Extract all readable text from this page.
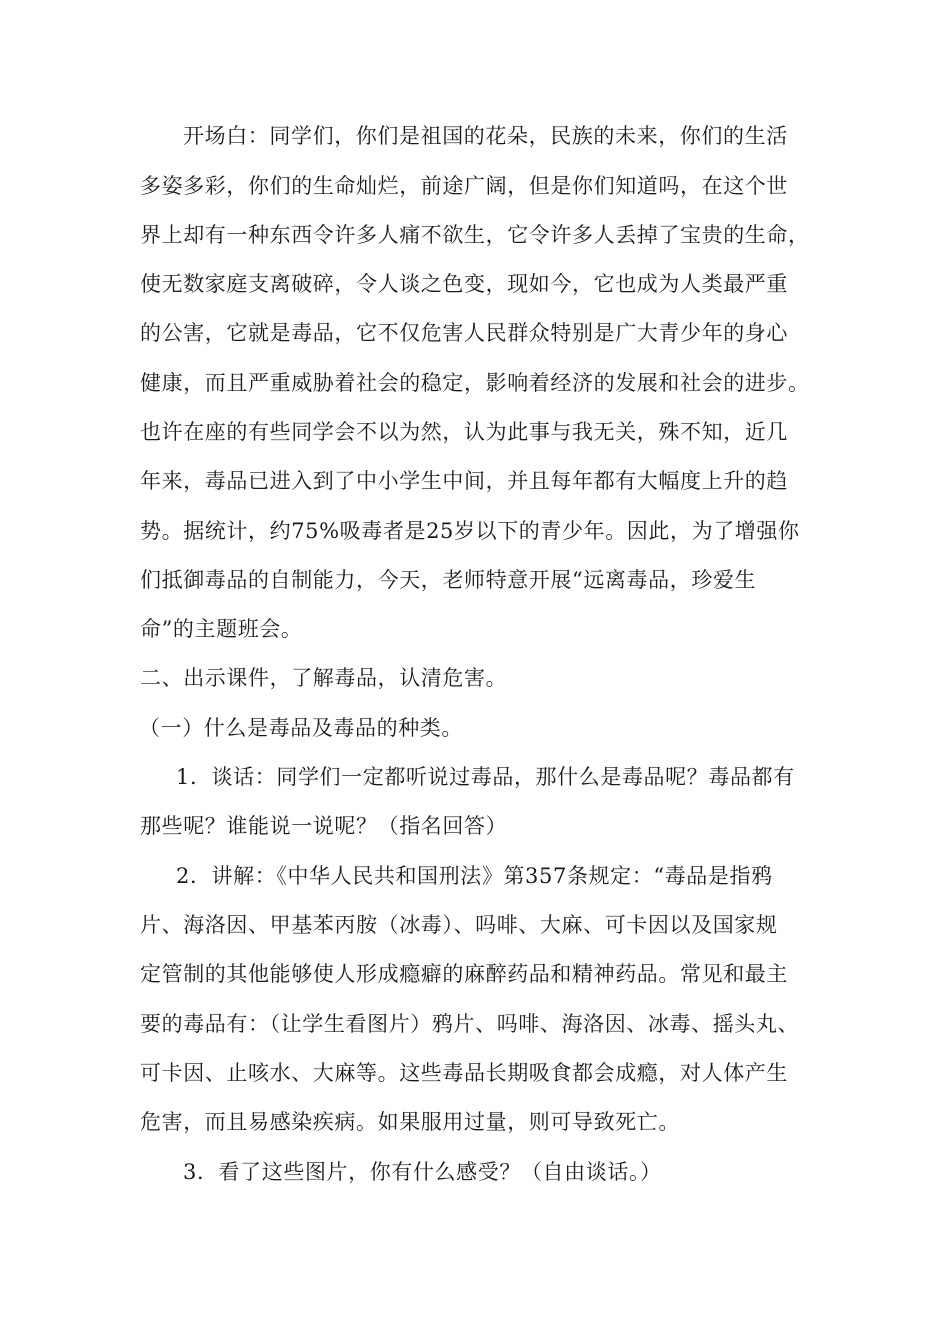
开场白：同学们，你们是祖国的花朵，民族的未来，你们的生活
多姿多彩，你们的生命灿烂，前途广阔，但是你们知道吗，在这个世
界上却有一种东西令许多人痛不欲生，它令许多人丢掉了宝贵的生命，
使无数家庭支离破碎，令人谈之色变，现如今，它也成为人类最严重
的公害，它就是毒品，它不仅危害人民群众特别是广大青少年的身心
健康，而且严重威胁着社会的稳定，影响着经济的发展和社会的进步。
也许在座的有些同学会不以为然，认为此事与我无关，殊不知，近几
年来，毒品已进入到了中小学生中间，并且每年都有大幅度上升的趋
势。据统计，约75%吸毒者是25岁以下的青少年。因此，为了增强你
们抵御毒品的自制能力，今天，老师特意开展“远离毒品，珍爱生
命”的主题班会。
二、出示课件，了解毒品，认清危害。
（一）什么是毒品及毒品的种类。
1．谈话：同学们一定都听说过毒品，那什么是毒品呢？毒品都有
那些呢？谁能说一说呢？（指名回答）
2．讲解：《中华人民共和国刑法》第357条规定：“毒品是指鸦
片、海洛因、甲基苯丙胺（冰毒）、吗啡、大麻、可卡因以及国家规
定管制的其他能够使人形成瘾癖的麻醉药品和精神药品。常见和最主
要的毒品有：（让学生看图片）鸦片、吗啡、海洛因、冰毒、摇头丸、
可卡因、止咳水、大麻等。这些毒品长期吸食都会成瘾，对人体产生
危害，而且易感染疾病。如果服用过量，则可导致死亡。
3．看了这些图片，你有什么感受？（自由谈话。）
